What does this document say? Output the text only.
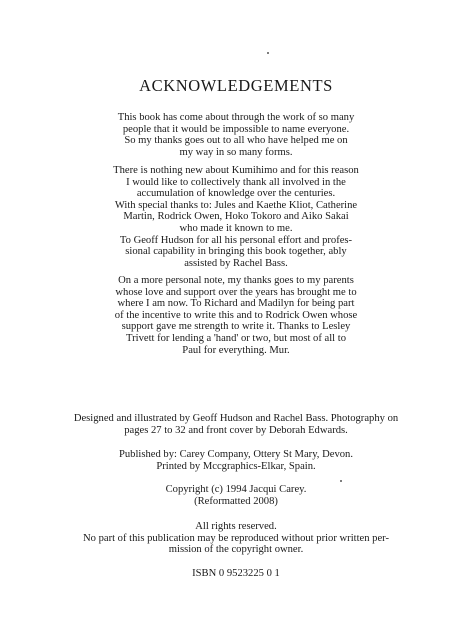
ACKNOWLEDGEMENTS
This book has come about through the work of so many
people that it would be impossible to name everyone.
So my thanks goes out to all who have helped me on
my way in so many forms.
There is nothing new about Kumihimo and for this reason
I would like to collectively thank all involved in the
accumulation of knowledge over the centuries.
With special thanks to: Jules and Kaethe Kliot, Catherine
Martin, Rodrick Owen, Hoko Tokoro and Aiko Sakai
who made it known to me.
To Geoff Hudson for all his personal effort and profes-
sional capability in bringing this book together, ably
assisted by Rachel Bass.
On a more personal note, my thanks goes to my parents
whose love and support over the years has brought me to
where I am now. To Richard and Madilyn for being part
of the incentive to write this and to Rodrick Owen whose
support gave me strength to write it. Thanks to Lesley
Trivett for lending a 'hand' or two, but most of all to
Paul for everything. Mur.
Designed and illustrated by Geoff Hudson and Rachel Bass. Photography on
pages 27 to 32 and front cover by Deborah Edwards.
Published by: Carey Company, Ottery St Mary, Devon.
Printed by Mccgraphics-Elkar, Spain.
Copyright (c) 1994 Jacqui Carey.
(Reformatted 2008)
All rights reserved.
No part of this publication may be reproduced without prior written per-
mission of the copyright owner.
ISBN 0 9523225 0 1
